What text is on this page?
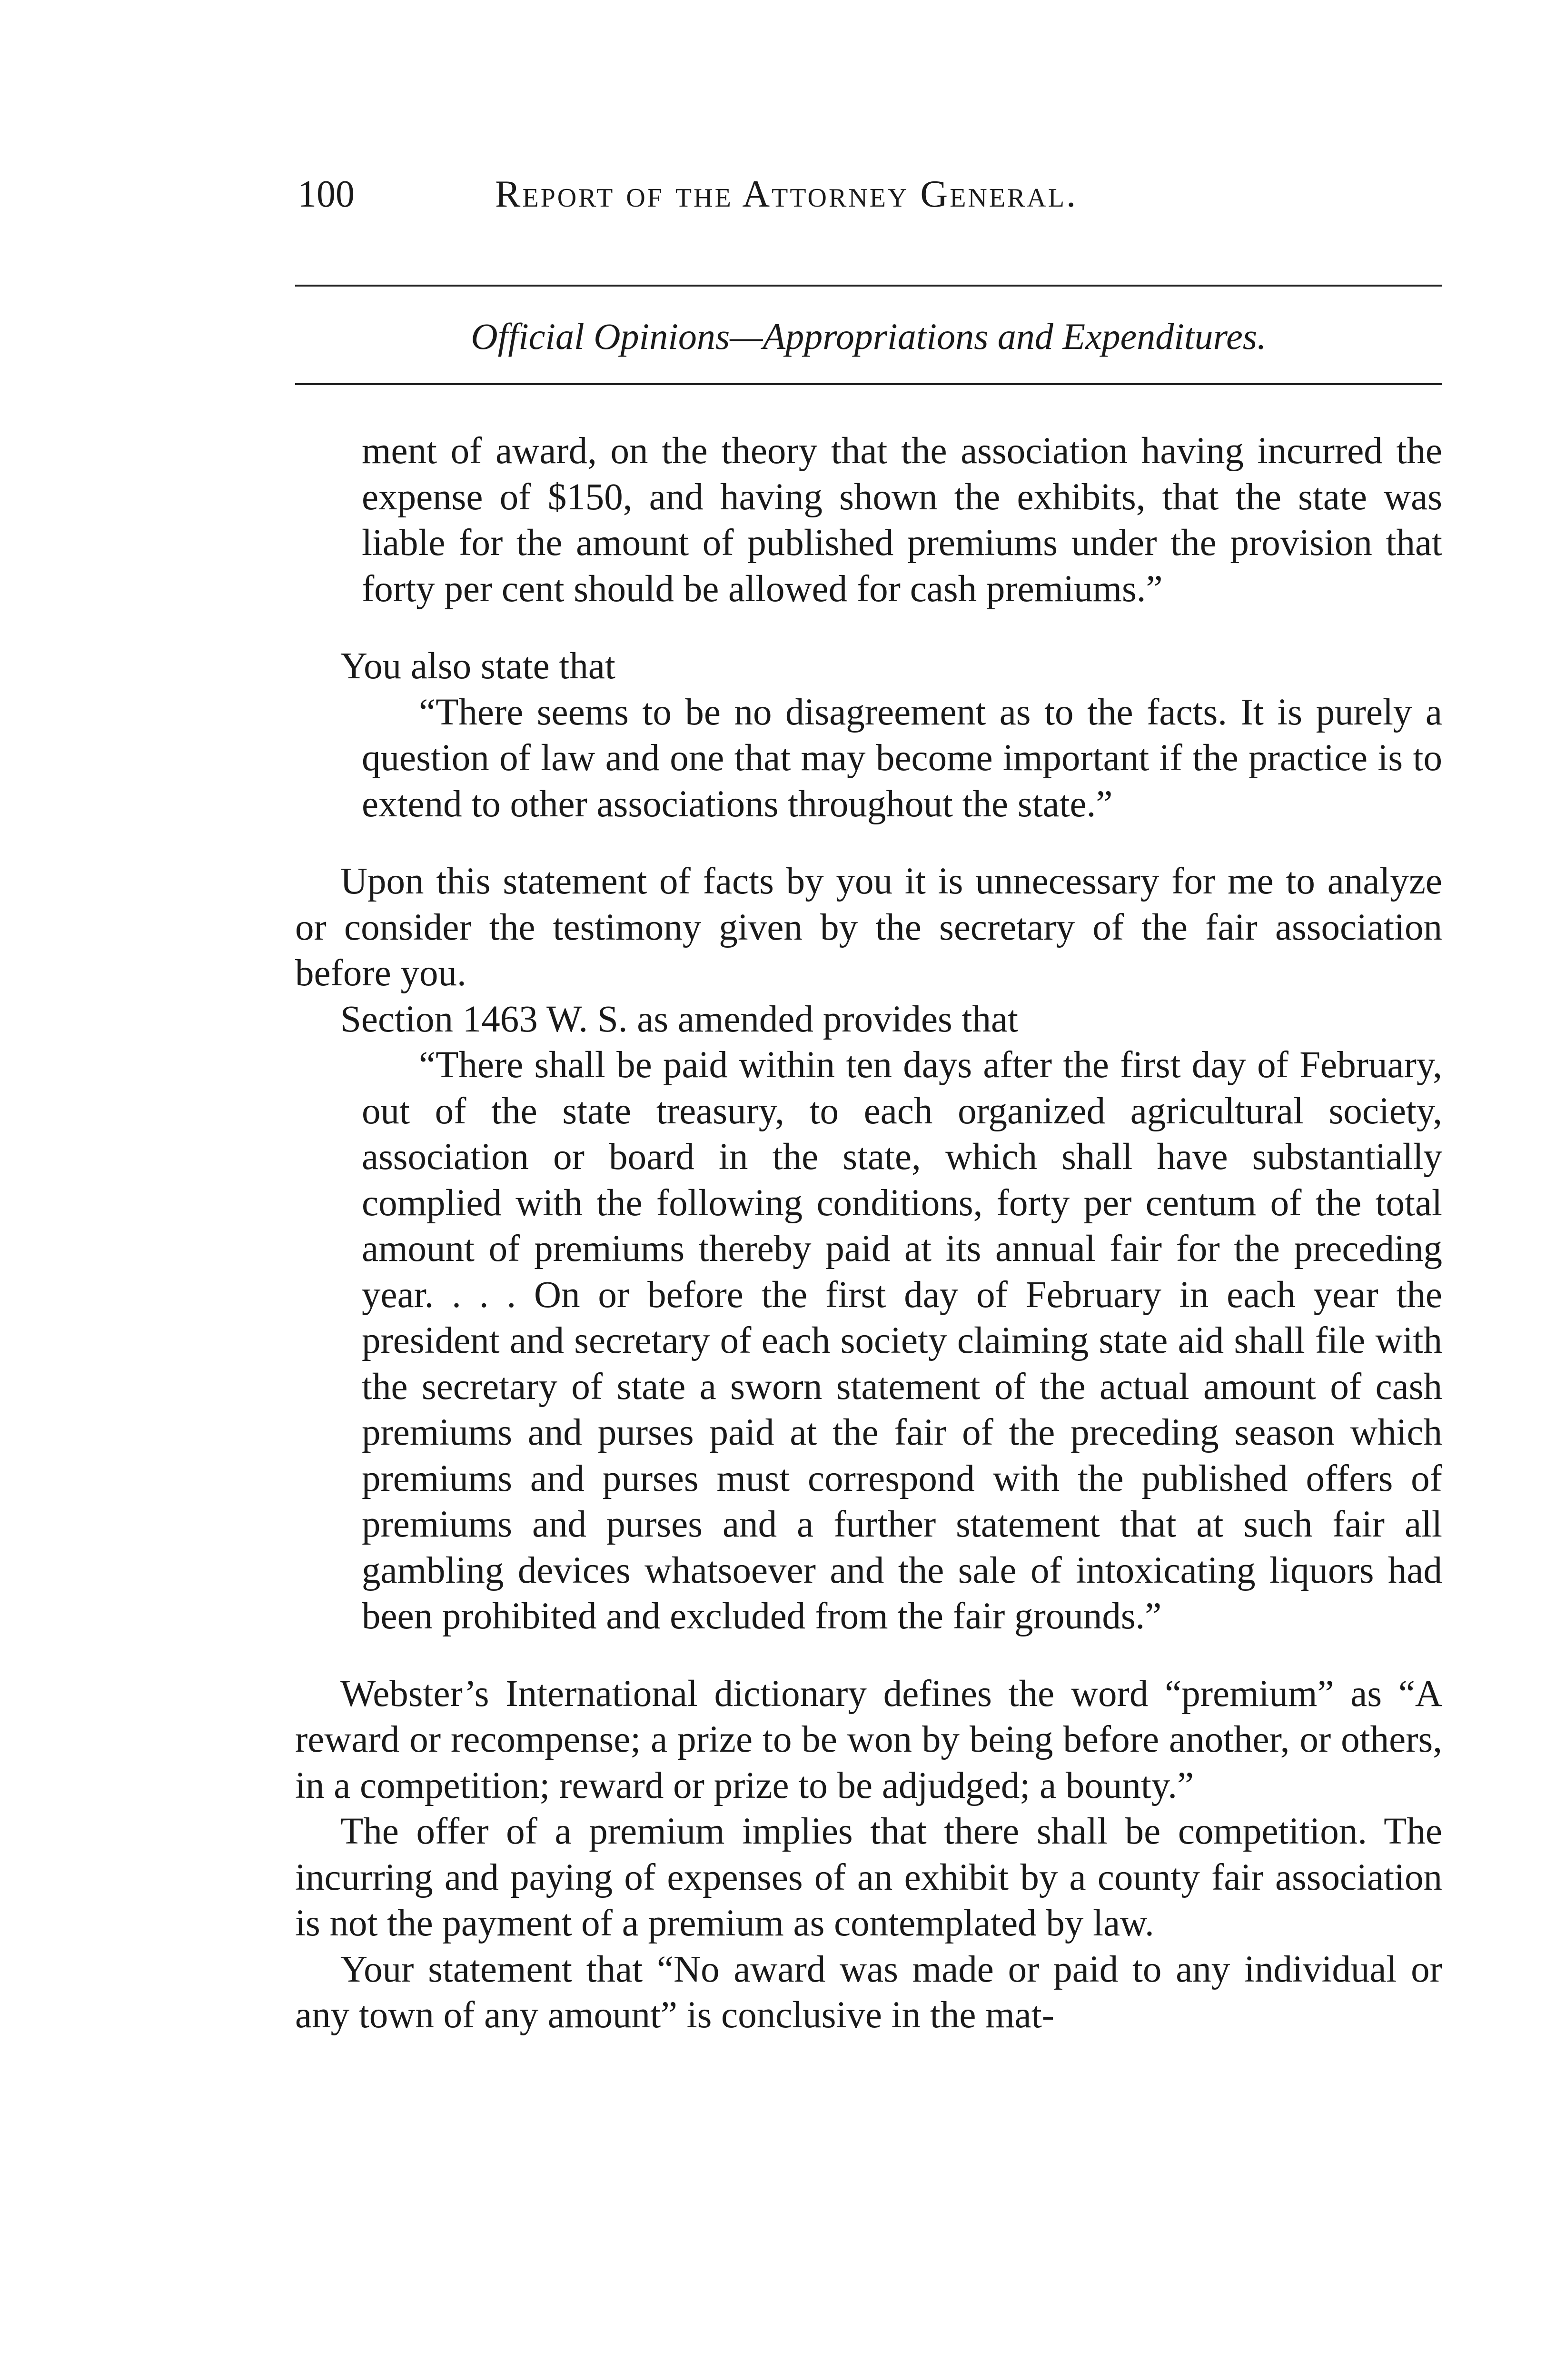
100	Report of the Attorney General.
Official Opinions—Appropriations and Expenditures.

ment of award, on the theory that the association having incurred the expense of $150, and having shown the exhibits, that the state was liable for the amount of published premiums under the provision that forty per cent should be allowed for cash premiums.”

You also state that

“There seems to be no disagreement as to the facts. It is purely a question of law and one that may become important if the practice is to extend to other associations throughout the state.”

Upon this statement of facts by you it is unnecessary for me to analyze or consider the testimony given by the secretary of the fair association before you.

Section 1463 W. S. as amended provides that

“There shall be paid within ten days after the first day of February, out of the state treasury, to each organized agricultural society, association or board in the state, which shall have substantially complied with the following conditions, forty per centum of the total amount of premiums thereby paid at its annual fair for the preceding year. . . . On or before the first day of February in each year the president and secretary of each society claiming state aid shall file with the secretary of state a sworn statement of the actual amount of cash premiums and purses paid at the fair of the preceding season which premiums and purses must correspond with the published offers of premiums and purses and a further statement that at such fair all gambling devices whatsoever and the sale of intoxicating liquors had been prohibited and excluded from the fair grounds.”

Webster’s International dictionary defines the word “premium” as “A reward or recompense; a prize to be won by being before another, or others, in a competition; reward or prize to be adjudged; a bounty.”

The offer of a premium implies that there shall be competition. The incurring and paying of expenses of an exhibit by a county fair association is not the payment of a premium as contemplated by law.

Your statement that “No award was made or paid to any individual or any town of any amount” is conclusive in the mat-
